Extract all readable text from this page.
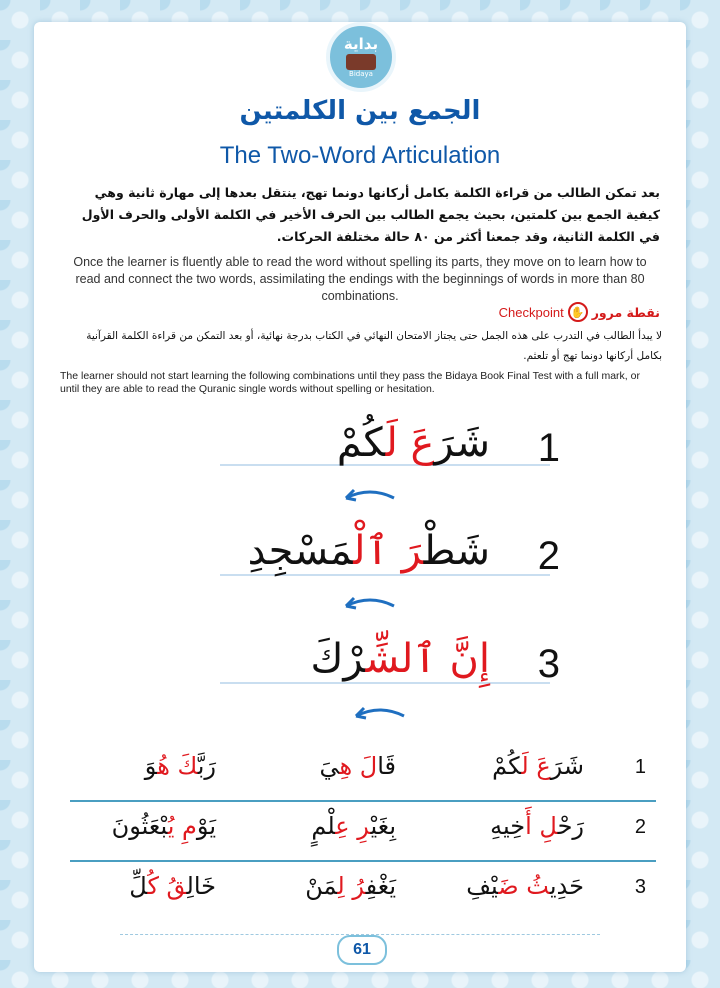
بداية
Bidaya
الجمع بين الكلمتين
The Two-Word Articulation
بعد تمكن الطالب من قراءة الكلمة بكامل أركانها دونما تهج، ينتقل بعدها إلى مهارة ثانية وهي كيفية الجمع بين كلمتين، بحيث يجمع الطالب بين الحرف الأخير في الكلمة الأولى والحرف الأول في الكلمة الثانية، وقد جمعنا أكثر من ٨٠ حالة مختلفة الحركات.
Once the learner is fluently able to read the word without spelling its parts, they move on to learn how to read and connect the two words, assimilating the endings with the beginnings of words in more than 80 combinations.
Checkpoint ✋ نقطة مرور
لا يبدأ الطالب في التدرب على هذه الجمل حتى يجتاز الامتحان النهائي في الكتاب بدرجة نهائية، أو بعد التمكن من قراءة الكلمة القرآنية بكامل أركانها دونما تهج أو تلعثم.
The learner should not start learning the following combinations until they pass the Bidaya Book Final Test with a full mark, or until they are able to read the Quranic single words without spelling or hesitation.
1
شَرَعَ لَكُمْ
2
شَطْرَ ٱلْمَسْجِدِ
3
إِنَّ ٱلشِّرْكَ
1
شَرَعَ لَكُمْ
قَالَ هِيَ
رَبَّكَ هُوَ
2
رَحْلِ أَخِيهِ
بِغَيْرِ عِلْمٍ
يَوْمِ يُبْعَثُونَ
3
حَدِيثُ ضَيْفِ
يَغْفِرُ لِمَنْ
خَالِقُ كُلِّ
61
